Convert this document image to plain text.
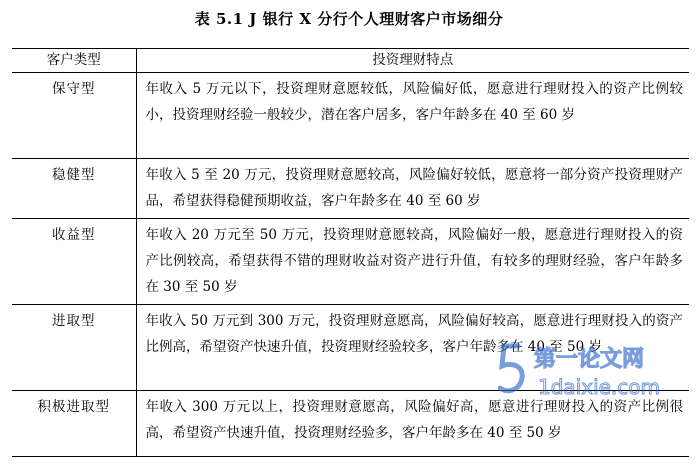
表 5.1 J 银行 X 分行个人理财客户市场细分
客户类型	投资理财特点
保守型	年收入 5 万元以下，投资理财意愿较低，风险偏好低，愿意进行理财投入的资产比例较小，投资理财经验一般较少，潜在客户居多，客户年龄多在 40 至 60 岁
稳健型	年收入 5 至 20 万元，投资理财意愿较高，风险偏好较低，愿意将一部分资产投资理财产品，希望获得稳健预期收益，客户年龄多在 40 至 60 岁
收益型	年收入 20 万元至 50 万元，投资理财意愿较高，风险偏好一般，愿意进行理财投入的资产比例较高，希望获得不错的理财收益对资产进行升值，有较多的理财经验，客户年龄多在 30 至 50 岁
进取型	年收入 50 万元到 300 万元，投资理财意愿高，风险偏好较高，愿意进行理财投入的资产比例高，希望资产快速升值，投资理财经验较多，客户年龄多在 40 至 50 岁
积极进取型	年收入 300 万元以上，投资理财意愿高，风险偏好高，愿意进行理财投入的资产比例很高，希望资产快速升值，投资理财经验多，客户年龄多在 40 至 50 岁
第一论文网
1daixie.com
